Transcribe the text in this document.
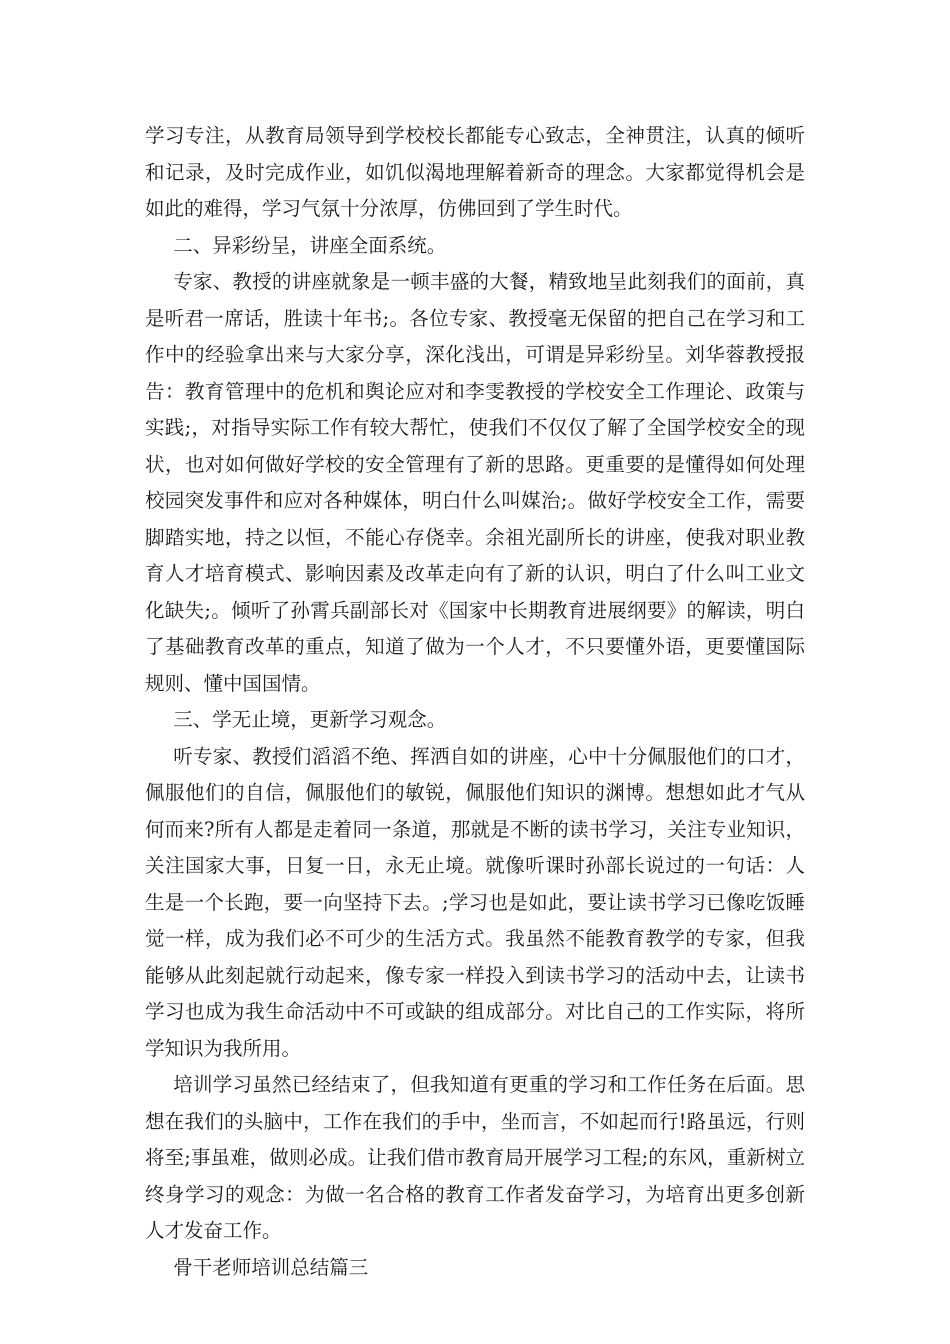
学习专注，从教育局领导到学校校长都能专心致志，全神贯注，认真的倾听和记录，及时完成作业，如饥似渴地理解着新奇的理念。大家都觉得机会是如此的难得，学习气氛十分浓厚，仿佛回到了学生时代。

二、异彩纷呈，讲座全面系统。

专家、教授的讲座就象是一顿丰盛的大餐，精致地呈此刻我们的面前，真是听君一席话，胜读十年书;。各位专家、教授毫无保留的把自己在学习和工作中的经验拿出来与大家分享，深化浅出，可谓是异彩纷呈。刘华蓉教授报告：教育管理中的危机和舆论应对和李雯教授的学校安全工作理论、政策与实践;，对指导实际工作有较大帮忙，使我们不仅仅了解了全国学校安全的现状，也对如何做好学校的安全管理有了新的思路。更重要的是懂得如何处理校园突发事件和应对各种媒体，明白什么叫媒治;。做好学校安全工作，需要脚踏实地，持之以恒，不能心存侥幸。余祖光副所长的讲座，使我对职业教育人才培育模式、影响因素及改革走向有了新的认识，明白了什么叫工业文化缺失;。倾听了孙霄兵副部长对《国家中长期教育进展纲要》的解读，明白了基础教育改革的重点，知道了做为一个人才，不只要懂外语，更要懂国际规则、懂中国国情。

三、学无止境，更新学习观念。

听专家、教授们滔滔不绝、挥洒自如的讲座，心中十分佩服他们的口才，佩服他们的自信，佩服他们的敏锐，佩服他们知识的渊博。想想如此才气从何而来?所有人都是走着同一条道，那就是不断的读书学习，关注专业知识，关注国家大事，日复一日，永无止境。就像听课时孙部长说过的一句话：人生是一个长跑，要一向坚持下去。;学习也是如此，要让读书学习已像吃饭睡觉一样，成为我们必不可少的生活方式。我虽然不能教育教学的专家，但我能够从此刻起就行动起来，像专家一样投入到读书学习的活动中去，让读书学习也成为我生命活动中不可或缺的组成部分。对比自己的工作实际，将所学知识为我所用。

培训学习虽然已经结束了，但我知道有更重的学习和工作任务在后面。思想在我们的头脑中，工作在我们的手中，坐而言，不如起而行!路虽远，行则将至;事虽难，做则必成。让我们借市教育局开展学习工程;的东风，重新树立终身学习的观念：为做一名合格的教育工作者发奋学习，为培育出更多创新人才发奋工作。

骨干老师培训总结篇三
